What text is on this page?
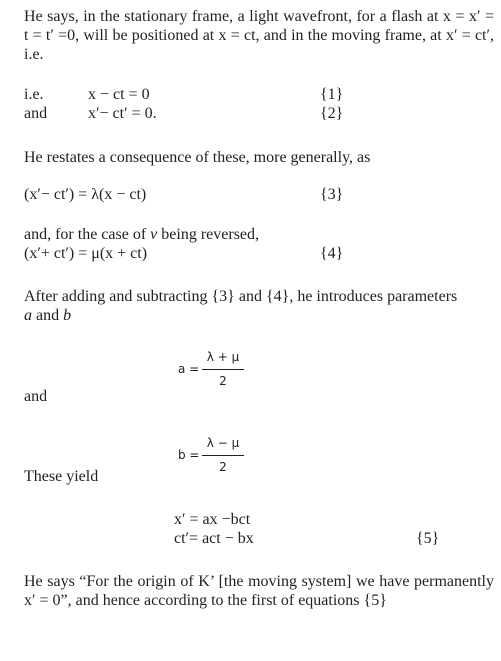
He says, in the stationary frame, a light wavefront, for a flash at x = x′ = t = t′ =0, will be positioned at x = ct, and in the moving frame, at x′ = ct′, i.e.
i.e.	x − ct = 0	{1}
and	x′− ct′ = 0.	{2}
He restates a consequence of these, more generally, as
(x′− ct′) = λ(x − ct)	{3}
and, for the case of v being reversed,
(x′+ ct′) = μ(x + ct)	{4}
After adding and subtracting {3} and {4}, he introduces parameters
a and b
a =
λ + μ
2
and
b =
λ − μ
2
These yield
x′ = ax −bct
ct′= act − bx	{5}
He says “For the origin of K’ [the moving system] we have permanently x′ = 0”, and hence according to the first of equations {5}
